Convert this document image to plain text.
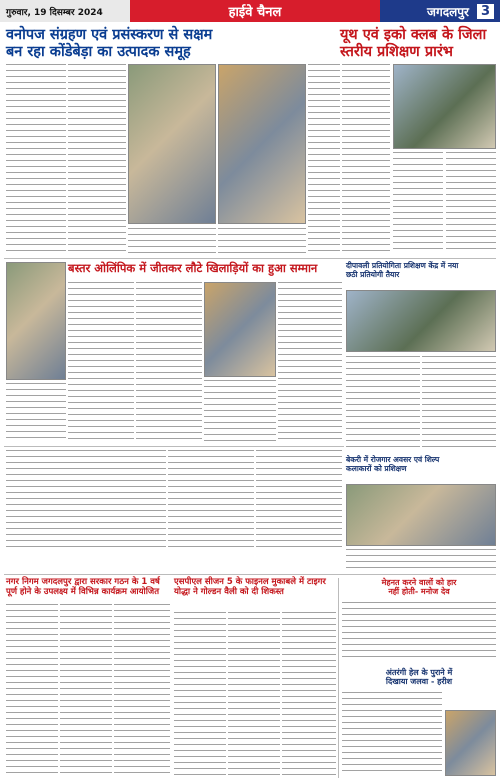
गुरुवार, 19 दिसम्बर 2024	हाईवे चैनल	जगदलपुर 3
वनोपज संग्रहण एवं प्रसंस्करण से सक्षम
बन रहा कोंडेबेड़ा का उत्पादक समूह
यूथ एवं इको क्लब के जिला स्तरीय प्रशिक्षण प्रारंभ
बस्तर ओलिंपिक में जीतकर लौटे खिलाड़ियों का हुआ सम्मान	दीपावली प्रतियोगिता प्रशिक्षण केंद्र में नया
छठी प्रतियोगी तैयार
बेकरी में रोजगार अवसर एवं शिल्प
कलाकारों को प्रशिक्षण
नगर निगम जगदलपुर द्वारा सरकार गठन के 1 वर्ष
पूर्ण होने के उपलक्ष्य में विभिन्न कार्यक्रम आयोजित
एसपीएल सीजन 5 के फाइनल मुकाबले में टाइगर योद्धा ने गोल्डन वैली को दी शिकस्त
मेहनत करने वालों को हार
नहीं होती- मनोज देव
अंतरंगी हेल के पुराने में
दिखाया जलवा - हरीश
